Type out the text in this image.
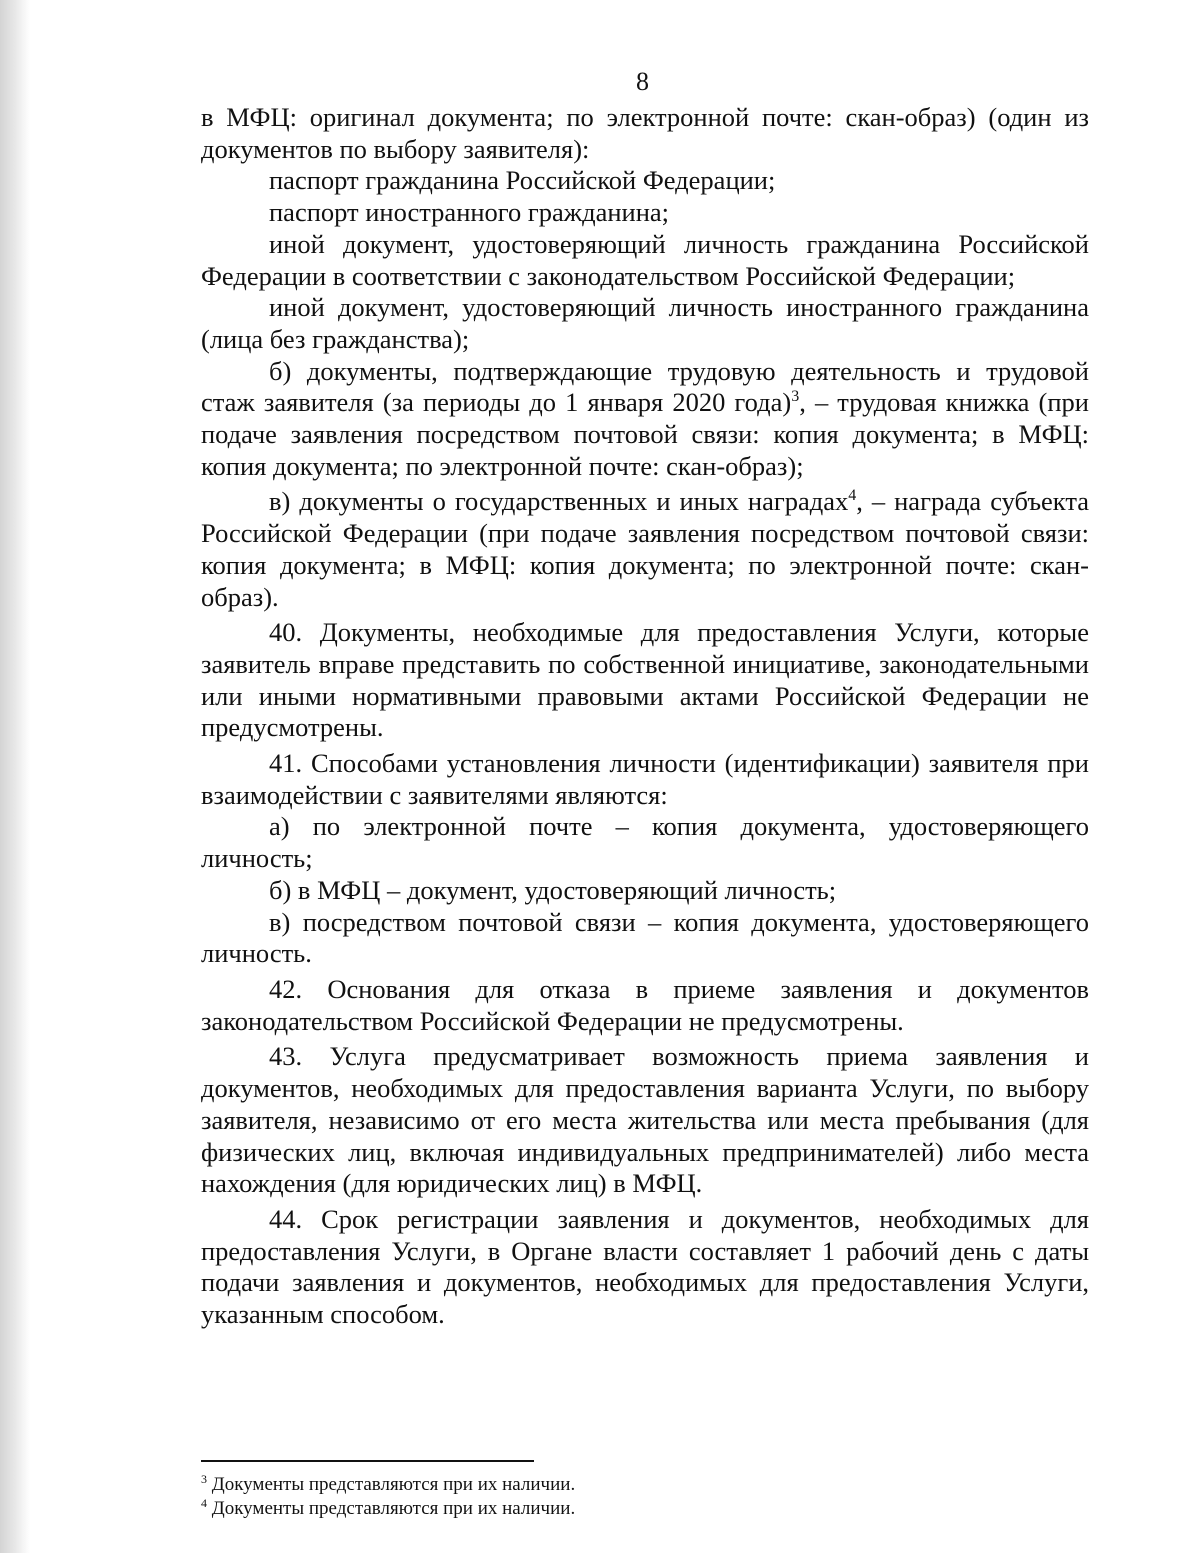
8

в МФЦ: оригинал документа; по электронной почте: скан-образ) (один из документов по выбору заявителя):

паспорт гражданина Российской Федерации;

паспорт иностранного гражданина;

иной документ, удостоверяющий личность гражданина Российской Федерации в соответствии с законодательством Российской Федерации;

иной документ, удостоверяющий личность иностранного гражданина (лица без гражданства);

б) документы, подтверждающие трудовую деятельность и трудовой стаж заявителя (за периоды до 1 января 2020 года)$^3$, – трудовая книжка (при подаче заявления посредством почтовой связи: копия документа; в МФЦ: копия документа; по электронной почте: скан-образ);

в) документы о государственных и иных наградах$^4$, – награда субъекта Российской Федерации (при подаче заявления посредством почтовой связи: копия документа; в МФЦ: копия документа; по электронной почте: скан-образ).

40. Документы, необходимые для предоставления Услуги, которые заявитель вправе представить по собственной инициативе, законодательными или иными нормативными правовыми актами Российской Федерации не предусмотрены.

41. Способами установления личности (идентификации) заявителя при взаимодействии с заявителями являются:

а) по электронной почте – копия документа, удостоверяющего личность;

б) в МФЦ – документ, удостоверяющий личность;

в) посредством почтовой связи – копия документа, удостоверяющего личность.

42. Основания для отказа в приеме заявления и документов законодательством Российской Федерации не предусмотрены.

43. Услуга предусматривает возможность приема заявления и документов, необходимых для предоставления варианта Услуги, по выбору заявителя, независимо от его места жительства или места пребывания (для физических лиц, включая индивидуальных предпринимателей) либо места нахождения (для юридических лиц) в МФЦ.

44. Срок регистрации заявления и документов, необходимых для предоставления Услуги, в Органе власти составляет 1 рабочий день с даты подачи заявления и документов, необходимых для предоставления Услуги, указанным способом.

$^3$ Документы представляются при их наличии.

$^4$ Документы представляются при их наличии.
